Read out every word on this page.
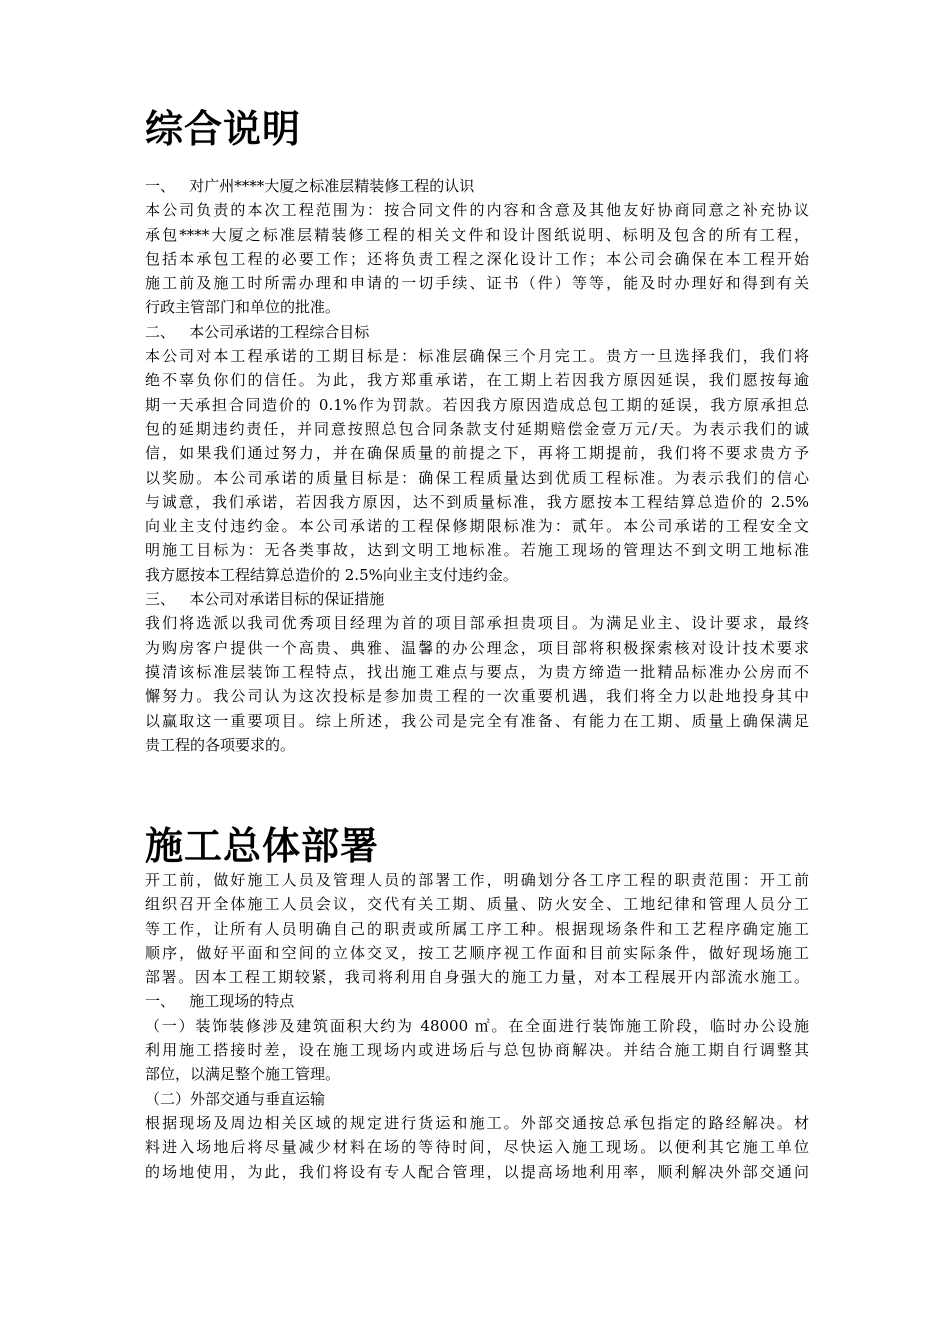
综合说明
一、   对广州****大厦之标准层精装修工程的认识
本公司负责的本次工程范围为：按合同文件的内容和含意及其他友好协商同意之补充协议
承包****大厦之标准层精装修工程的相关文件和设计图纸说明、标明及包含的所有工程，
包括本承包工程的必要工作；还将负责工程之深化设计工作；本公司会确保在本工程开始
施工前及施工时所需办理和申请的一切手续、证书（件）等等，能及时办理好和得到有关
行政主管部门和单位的批准。
二、   本公司承诺的工程综合目标
本公司对本工程承诺的工期目标是：标准层确保三个月完工。贵方一旦选择我们，我们将
绝不辜负你们的信任。为此，我方郑重承诺，在工期上若因我方原因延误，我们愿按每逾
期一天承担合同造价的 0.1%作为罚款。若因我方原因造成总包工期的延误，我方原承担总
包的延期违约责任，并同意按照总包合同条款支付延期赔偿金壹万元/天。为表示我们的诚
信，如果我们通过努力，并在确保质量的前提之下，再将工期提前，我们将不要求贵方予
以奖励。本公司承诺的质量目标是：确保工程质量达到优质工程标准。为表示我们的信心
与诚意，我们承诺，若因我方原因，达不到质量标准，我方愿按本工程结算总造价的 2.5%
向业主支付违约金。本公司承诺的工程保修期限标准为：贰年。本公司承诺的工程安全文
明施工目标为：无各类事故，达到文明工地标准。若施工现场的管理达不到文明工地标准
我方愿按本工程结算总造价的 2.5%向业主支付违约金。
三、   本公司对承诺目标的保证措施
我们将选派以我司优秀项目经理为首的项目部承担贵项目。为满足业主、设计要求，最终
为购房客户提供一个高贵、典雅、温馨的办公理念，项目部将积极探索核对设计技术要求
摸清该标准层装饰工程特点，找出施工难点与要点，为贵方缔造一批精品标准办公房而不
懈努力。我公司认为这次投标是参加贵工程的一次重要机遇，我们将全力以赴地投身其中
以赢取这一重要项目。综上所述，我公司是完全有准备、有能力在工期、质量上确保满足
贵工程的各项要求的。
施工总体部署
开工前，做好施工人员及管理人员的部署工作，明确划分各工序工程的职责范围：开工前
组织召开全体施工人员会议，交代有关工期、质量、防火安全、工地纪律和管理人员分工
等工作，让所有人员明确自己的职责或所属工序工种。根据现场条件和工艺程序确定施工
顺序，做好平面和空间的立体交叉，按工艺顺序视工作面和目前实际条件，做好现场施工
部署。因本工程工期较紧，我司将利用自身强大的施工力量，对本工程展开内部流水施工。
一、   施工现场的特点
（一）装饰装修涉及建筑面积大约为 48000 ㎡。在全面进行装饰施工阶段，临时办公设施
利用施工搭接时差，设在施工现场内或进场后与总包协商解决。并结合施工期自行调整其
部位，以满足整个施工管理。
（二）外部交通与垂直运输
根据现场及周边相关区域的规定进行货运和施工。外部交通按总承包指定的路经解决。材
料进入场地后将尽量减少材料在场的等待时间，尽快运入施工现场。以便利其它施工单位
的场地使用，为此，我们将设有专人配合管理，以提高场地利用率，顺利解决外部交通问
